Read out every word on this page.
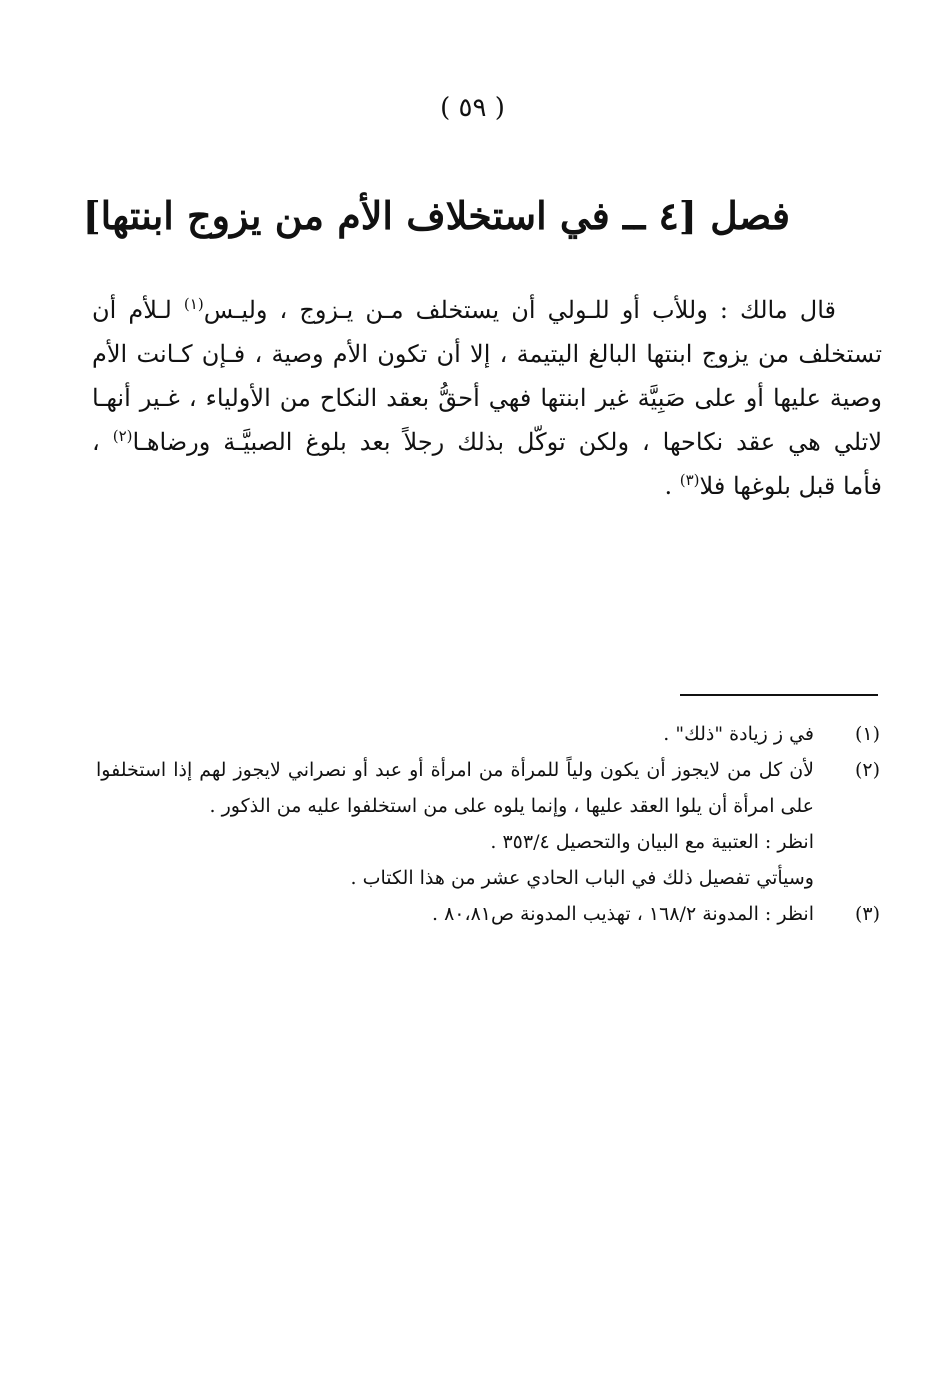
( ٥٩ )
فصل [٤ ــ في استخلاف الأم من يزوج ابنتها]
قال مالك : وللأب أو للـولي أن يستخلف مـن يـزوج ، وليـس$^{(١)}$ لـلأم أن
تستخلف من يزوج ابنتها البالغ اليتيمة ، إلا أن تكون الأم وصية ، فـإن كـانت الأم
وصية عليها أو على صَبِيَّة غير ابنتها فهي أحقُّ بعقد النكاح من الأولياء ، غـير أنهـا
لاتلي هي عقد نكاحها ، ولكن توكّل بذلك رجلاً بعد بلوغ الصبيَّـة ورضاهـا$^{(٢)}$ ،
فأما قبل بلوغها فلا$^{(٣)}$ .
(١)
في ز زيادة "ذلك" .
(٢)
لأن كل من لايجوز أن يكون ولياً للمرأة من امرأة أو عبد أو نصراني لايجوز لهم إذا استخلفوا
على امرأة أن يلوا العقد عليها ، وإنما يلوه على من استخلفوا عليه من الذكور .
انظر : العتبية مع البيان والتحصيل ٣٥٣/٤ .
وسيأتي تفصيل ذلك في الباب الحادي عشر من هذا الكتاب .
(٣)
انظر : المدونة ١٦٨/٢ ، تهذيب المدونة ص٨٠،٨١ .
